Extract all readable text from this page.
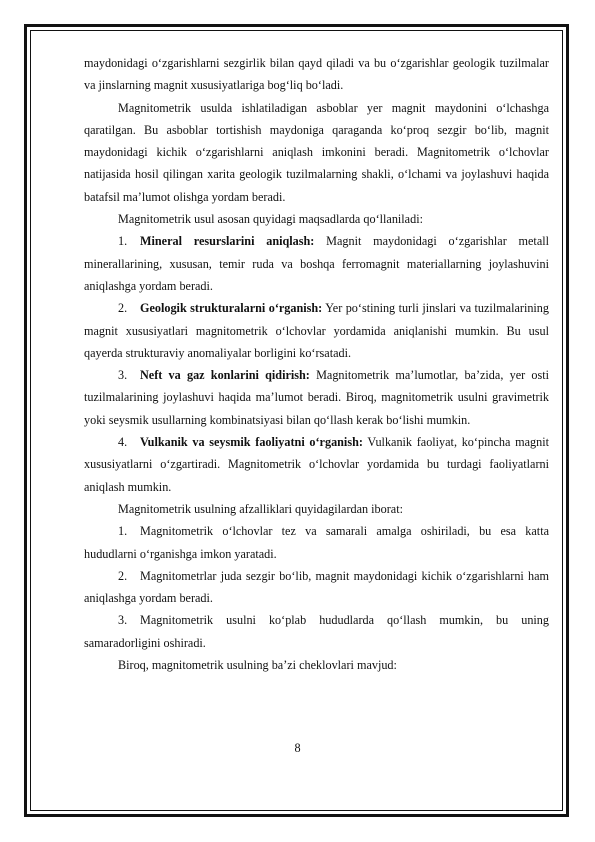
maydonidagi o‘zgarishlarni sezgirlik bilan qayd qiladi va bu o‘zgarishlar geologik tuzilmalar va jinslarning magnit xususiyatlariga bog‘liq bo‘ladi.

Magnitometrik usulda ishlatiladigan asboblar yer magnit maydonini o‘lchashga qaratilgan. Bu asboblar tortishish maydoniga qaraganda ko‘proq sezgir bo‘lib, magnit maydonidagi kichik o‘zgarishlarni aniqlash imkonini beradi. Magnitometrik o‘lchovlar natijasida hosil qilingan xarita geologik tuzilmalarning shakli, o‘lchami va joylashuvi haqida batafsil ma’lumot olishga yordam beradi.

Magnitometrik usul asosan quyidagi maqsadlarda qo‘llaniladi:

1. Mineral resurslarini aniqlash: Magnit maydonidagi o‘zgarishlar metall minerallarining, xususan, temir ruda va boshqa ferromagnit materiallarning joylashuvini aniqlashga yordam beradi.

2. Geologik strukturalarni o‘rganish: Yer po‘stining turli jinslari va tuzilmalarining magnit xususiyatlari magnitometrik o‘lchovlar yordamida aniqlanishi mumkin. Bu usul qayerda strukturaviy anomaliyalar borligini ko‘rsatadi.

3. Neft va gaz konlarini qidirish: Magnitometrik ma’lumotlar, ba’zida, yer osti tuzilmalarining joylashuvi haqida ma’lumot beradi. Biroq, magnitometrik usulni gravimetrik yoki seysmik usullarning kombinatsiyasi bilan qo‘llash kerak bo‘lishi mumkin.

4. Vulkanik va seysmik faoliyatni o‘rganish: Vulkanik faoliyat, ko‘pincha magnit xususiyatlarni o‘zgartiradi. Magnitometrik o‘lchovlar yordamida bu turdagi faoliyatlarni aniqlash mumkin.

Magnitometrik usulning afzalliklari quyidagilardan iborat:

1. Magnitometrik o‘lchovlar tez va samarali amalga oshiriladi, bu esa katta hududlarni o‘rganishga imkon yaratadi.

2. Magnitometrlar juda sezgir bo‘lib, magnit maydonidagi kichik o‘zgarishlarni ham aniqlashga yordam beradi.

3. Magnitometrik usulni ko‘plab hududlarda qo‘llash mumkin, bu uning samaradorligini oshiradi.

Biroq, magnitometrik usulning ba’zi cheklovlari mavjud:

8
